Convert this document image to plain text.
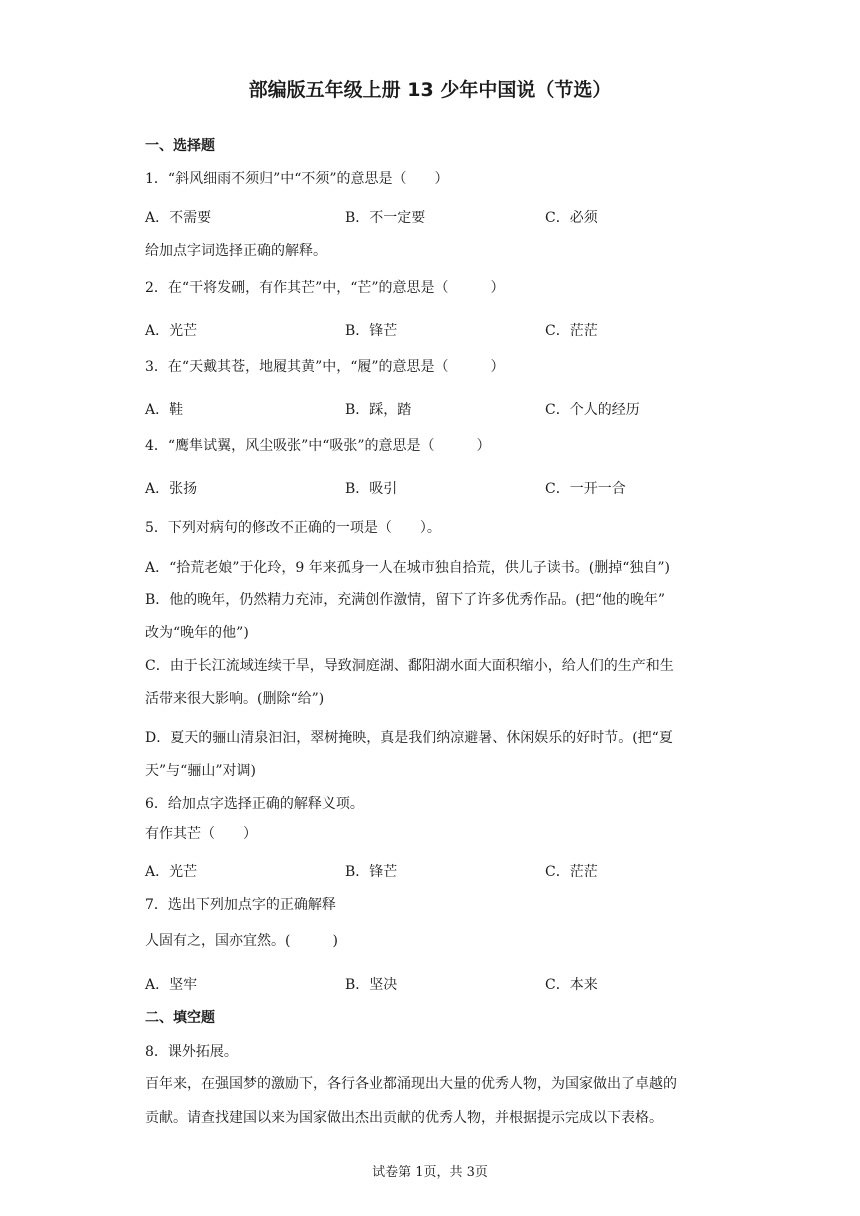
部编版五年级上册 13 少年中国说（节选）
一、选择题
1．“斜风细雨不须归”中“不须”的意思是（　　）
A．不需要	B．不一定要	C．必须
给加点字词选择正确的解释。
2．在“干将发硎，有作其芒”中，“芒”的意思是（　　　）
A．光芒	B．锋芒	C．茫茫
3．在“天戴其苍，地履其黄”中，“履”的意思是（　　　）
A．鞋	B．踩，踏	C．个人的经历
4．“鹰隼试翼，风尘吸张”中“吸张”的意思是（　　　）
A．张扬	B．吸引	C．一开一合
5．下列对病句的修改不正确的一项是（　　）。
A．“拾荒老娘”于化玲，9 年来孤身一人在城市独自拾荒，供儿子读书。(删掉“独自”)
B．他的晚年，仍然精力充沛，充满创作激情，留下了许多优秀作品。(把“他的晚年”
改为“晚年的他”)
C．由于长江流域连续干旱，导致洞庭湖、鄱阳湖水面大面积缩小，给人们的生产和生
活带来很大影响。(删除“给”)
D．夏天的骊山清泉汩汩，翠树掩映，真是我们纳凉避暑、休闲娱乐的好时节。(把“夏
天”与“骊山”对调)
6．给加点字选择正确的解释义项。
有作其芒（　　）
A．光芒	B．锋芒	C．茫茫
7．选出下列加点字的正确解释
人固有之，国亦宜然。(　　　)
A．坚牢	B．坚决	C．本来
二、填空题
8．课外拓展。
百年来，在强国梦的激励下，各行各业都涌现出大量的优秀人物，为国家做出了卓越的
贡献。请查找建国以来为国家做出杰出贡献的优秀人物，并根据提示完成以下表格。
试卷第 1页，共 3页
